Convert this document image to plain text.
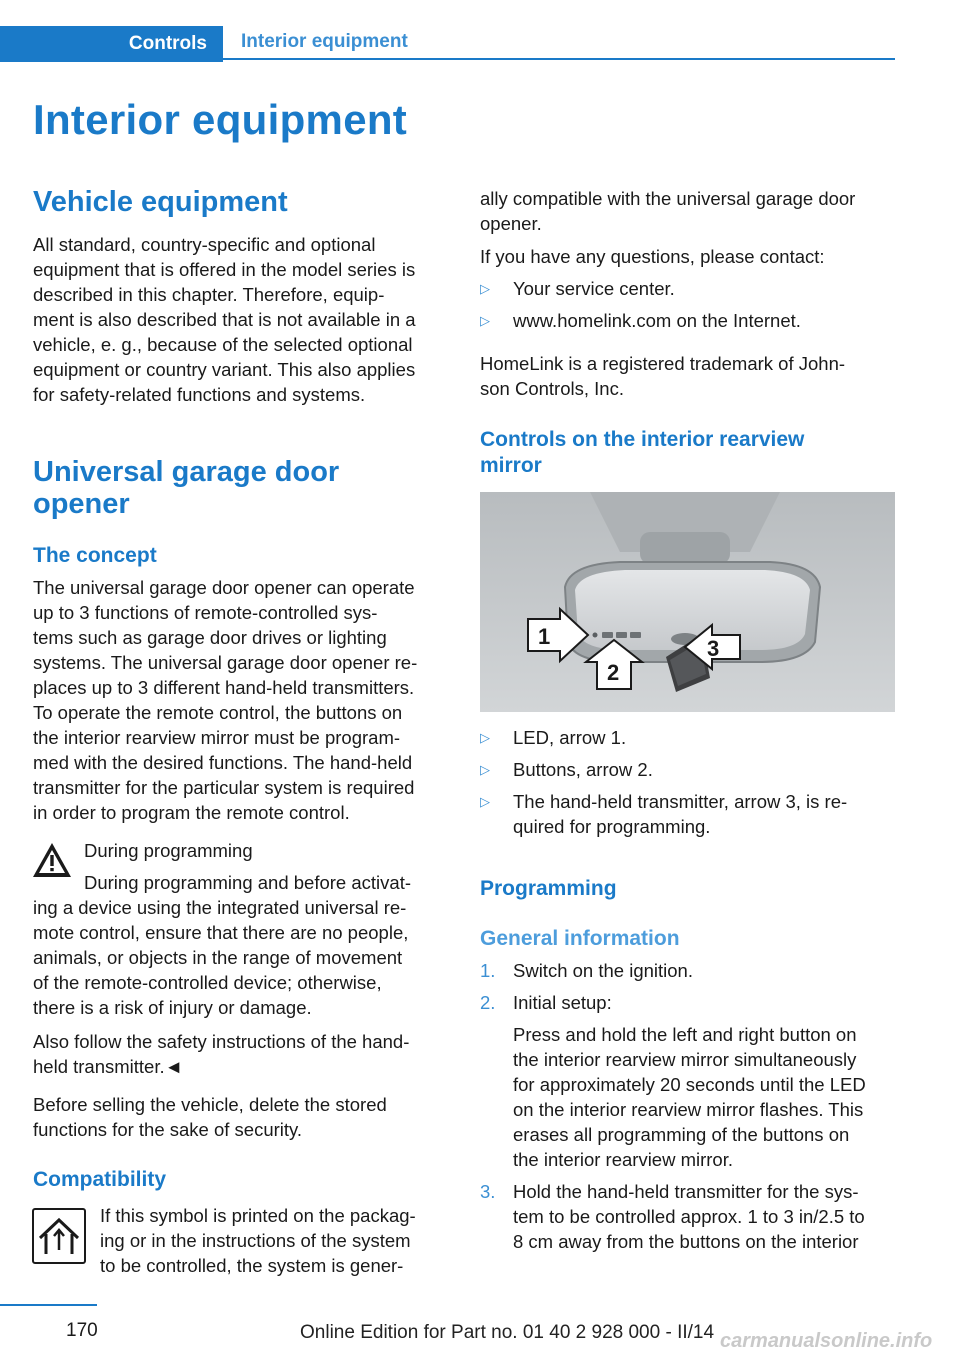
Controls	Interior equipment
Interior equipment
Vehicle equipment
All standard, country-specific and optional
equipment that is offered in the model series is
described in this chapter. Therefore, equip-
ment is also described that is not available in a
vehicle, e. g., because of the selected optional
equipment or country variant. This also applies
for safety-related functions and systems.
Universal garage door
opener
The concept
The universal garage door opener can operate
up to 3 functions of remote-controlled sys-
tems such as garage door drives or lighting
systems. The universal garage door opener re-
places up to 3 different hand-held transmitters.
To operate the remote control, the buttons on
the interior rearview mirror must be program-
med with the desired functions. The hand-held
transmitter for the particular system is required
in order to program the remote control.
During programming
During programming and before activat-
ing a device using the integrated universal re-
mote control, ensure that there are no people,
animals, or objects in the range of movement
of the remote-controlled device; otherwise,
there is a risk of injury or damage.
Also follow the safety instructions of the hand-
held transmitter.◄
Before selling the vehicle, delete the stored
functions for the sake of security.
Compatibility
If this symbol is printed on the packag-
ing or in the instructions of the system
to be controlled, the system is gener-
ally compatible with the universal garage door
opener.
If you have any questions, please contact:
▷	Your service center.
▷	www.homelink.com on the Internet.
HomeLink is a registered trademark of John-
son Controls, Inc.
Controls on the interior rearview
mirror
1
2
3
▷	LED, arrow 1.
▷	Buttons, arrow 2.
▷	The hand-held transmitter, arrow 3, is re-
quired for programming.
Programming
General information
1. Switch on the ignition.
2. Initial setup:
Press and hold the left and right button on
the interior rearview mirror simultaneously
for approximately 20 seconds until the LED
on the interior rearview mirror flashes. This
erases all programming of the buttons on
the interior rearview mirror.
3. Hold the hand-held transmitter for the sys-
tem to be controlled approx. 1 to 3 in/2.5 to
8 cm away from the buttons on the interior
170	Online Edition for Part no. 01 40 2 928 000 - II/14 carmanualsonline.info
